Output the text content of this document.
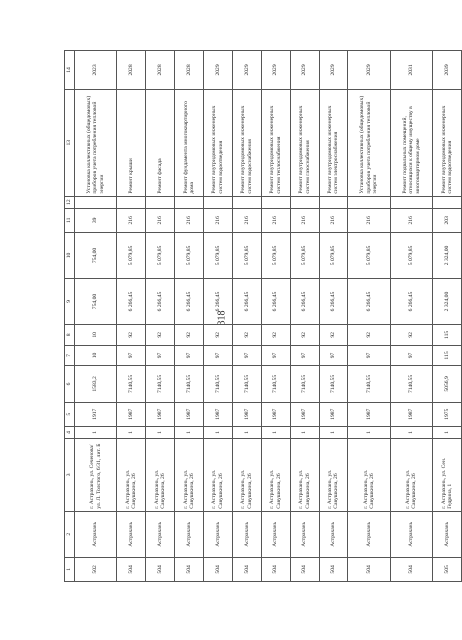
318
1	2	3	4	5	6	7	8	9	10	11	12	13	14
502	Астрахань	г. Астрахань, ул. Сеченова/ ул. Л. Толстого, 6/31, лит. Б	1	1917	1583,2	10	10	754,00	754,00	39		Установка коллективных (общедомовых) приборов учета потребления тепловой энергии	2023
504	Астрахань	г. Астрахань, ул. Савушкина, 26	1	1987	7140,55	97	92	6 266,45	5 079,85	216		Ремонт крыши	2028
504	Астрахань	г. Астрахань, ул. Савушкина, 26	1	1987	7140,55	97	92	6 266,45	5 079,85	216		Ремонт фасада	2028
504	Астрахань	г. Астрахань, ул. Савушкина, 26	1	1987	7140,55	97	92	6 266,45	5 079,85	216		Ремонт фундамента многоквартирного дома	2028
504	Астрахань	г. Астрахань, ул. Савушкина, 26	1	1987	7140,55	97	92	6 266,45	5 079,85	216		Ремонт внутридомовых инженерных систем водоотведения	2029
504	Астрахань	г. Астрахань, ул. Савушкина, 26	1	1987	7140,55	97	92	6 266,45	5 079,85	216		Ремонт внутридомовых инженерных систем водоснабжения	2029
504	Астрахань	г. Астрахань, ул. Савушкина, 26	1	1987	7140,55	97	92	6 266,45	5 079,85	216		Ремонт внутридомовых инженерных систем теплоснабжения	2029
504	Астрахань	г. Астрахань, ул. Савушкина, 26	1	1987	7140,55	97	92	6 266,45	5 079,85	216		Ремонт внутридомовых инженерных систем газоснабжения	2029
504	Астрахань	г. Астрахань, ул. Савушкина, 26	1	1987	7140,55	97	92	6 266,45	5 079,85	216		Ремонт внутридомовых инженерных систем электроснабжения	2029
504	Астрахань	г. Астрахань, ул. Савушкина, 26	1	1987	7140,55	97	92	6 266,45	5 079,85	216		Установка коллективных (общедомовых) приборов учета потребления тепловой энергии	2029
504	Астрахань	г. Астрахань, ул. Савушкина, 26	1	1987	7140,55	97	92	6 266,45	5 079,85	216		Ремонт подвальных помещений, относящихся к общему имуществу в многоквартирном доме	2031
505	Астрахань	г. Астрахань, ул. Сен. Гедрина, 1	1	1975	5056,9	115	115	2 324,00	2 324,00	203		Ремонт внутридомовых инженерных систем водоотведения	2039
